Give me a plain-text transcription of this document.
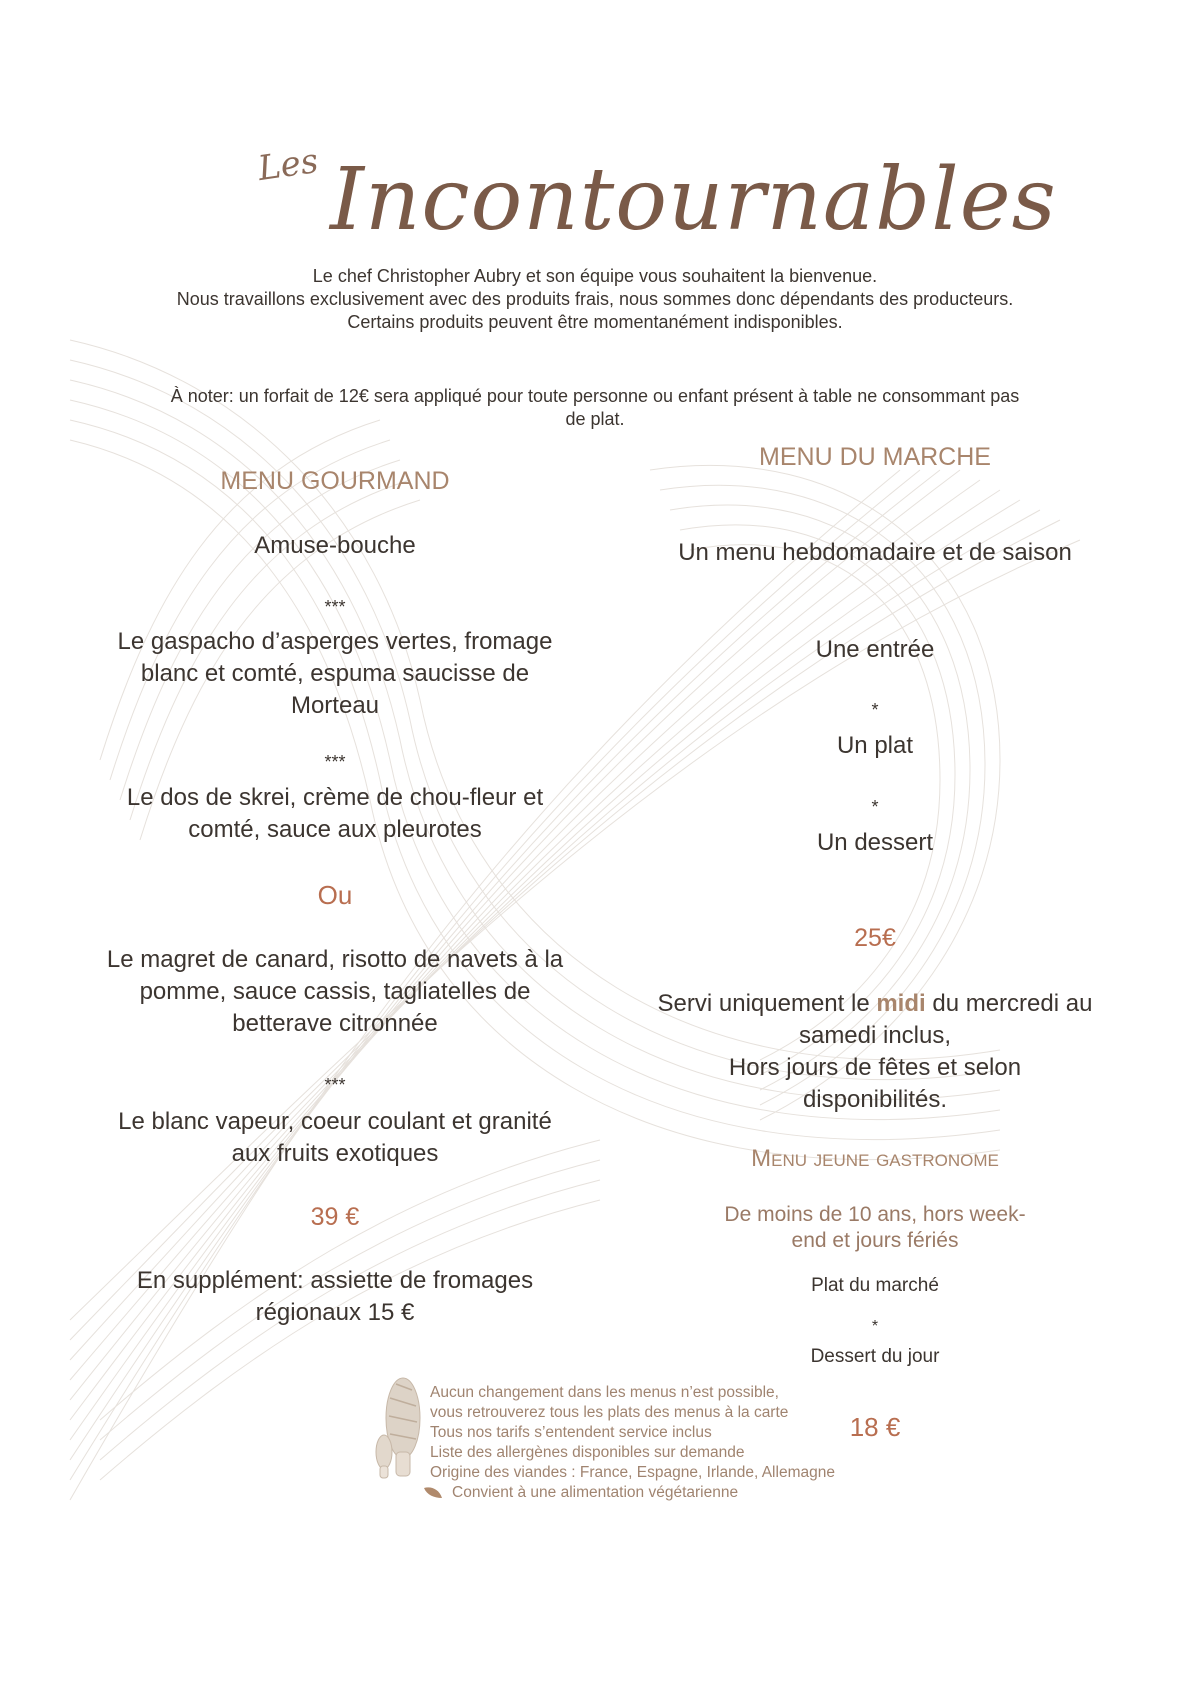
Les Incontournables
Le chef Christopher Aubry et son équipe vous souhaitent la bienvenue.
Nous travaillons exclusivement avec des produits frais, nous sommes donc dépendants des producteurs.
Certains produits peuvent être momentanément indisponibles.
À noter: un forfait de 12€ sera appliqué pour toute personne ou enfant présent à table ne consommant pas
de plat.
MENU GOURMAND
Amuse-bouche
***
Le gaspacho d’asperges vertes, fromage
blanc et comté, espuma saucisse de
Morteau
***
Le dos de skrei, crème de chou-fleur et
comté, sauce aux pleurotes
Ou
Le magret de canard, risotto de navets à la
pomme, sauce cassis, tagliatelles de
betterave citronnée
***
Le blanc vapeur, coeur coulant et granité
aux fruits exotiques
39 €
En supplément: assiette de fromages
régionaux 15 €
MENU DU MARCHE
Un menu hebdomadaire et de saison
Une entrée
*
Un plat
*
Un dessert
25€
Servi uniquement le midi du mercredi au
samedi inclus,
Hors jours de fêtes et selon
disponibilités.
Menu jeune gastronome
De moins de 10 ans, hors week-
end et jours fériés
Plat du marché
*
Dessert du jour
18 €
Aucun changement dans les menus n’est possible,
vous retrouverez tous les plats des menus à la carte
Tous nos tarifs s’entendent service inclus
Liste des allergènes disponibles sur demande
Origine des viandes : France, Espagne, Irlande, Allemagne
Convient à une alimentation végétarienne
